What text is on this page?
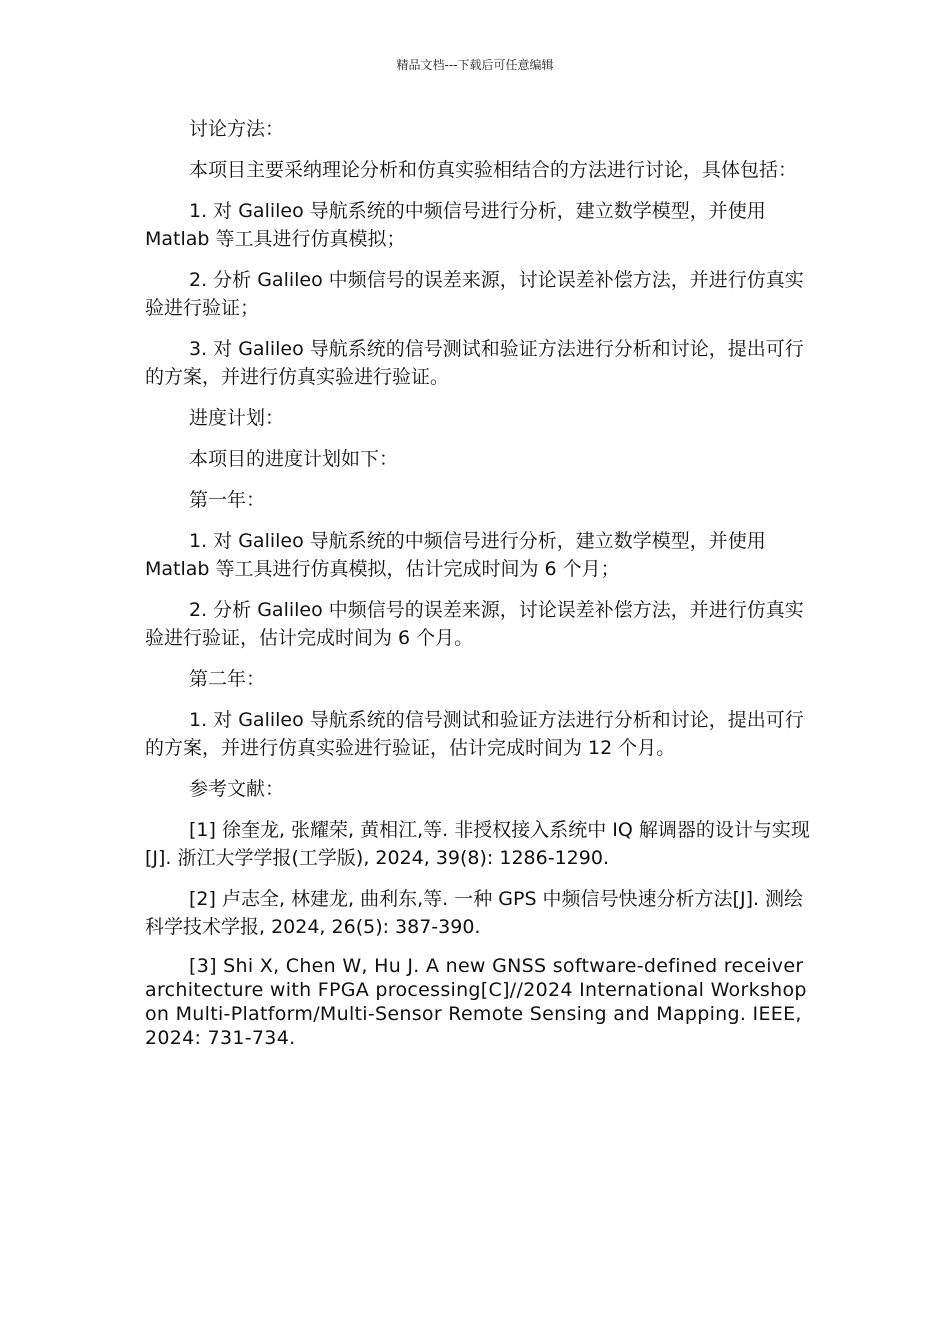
精品文档---下载后可任意编辑

讨论方法：

本项目主要采纳理论分析和仿真实验相结合的方法进行讨论，具体包括：

1. 对 Galileo 导航系统的中频信号进行分析，建立数学模型，并使用 Matlab 等工具进行仿真模拟；

2. 分析 Galileo 中频信号的误差来源，讨论误差补偿方法，并进行仿真实验进行验证；

3. 对 Galileo 导航系统的信号测试和验证方法进行分析和讨论，提出可行的方案，并进行仿真实验进行验证。

进度计划：

本项目的进度计划如下：

第一年：

1. 对 Galileo 导航系统的中频信号进行分析，建立数学模型，并使用 Matlab 等工具进行仿真模拟，估计完成时间为 6 个月；

2. 分析 Galileo 中频信号的误差来源，讨论误差补偿方法，并进行仿真实验进行验证，估计完成时间为 6 个月。

第二年：

1. 对 Galileo 导航系统的信号测试和验证方法进行分析和讨论，提出可行的方案，并进行仿真实验进行验证，估计完成时间为 12 个月。

参考文献：

[1] 徐奎龙, 张耀荣, 黄相江,等. 非授权接入系统中 IQ 解调器的设计与实现[J]. 浙江大学学报(工学版), 2024, 39(8): 1286-1290.

[2] 卢志全, 林建龙, 曲利东,等. 一种 GPS 中频信号快速分析方法[J]. 测绘科学技术学报, 2024, 26(5): 387-390.

[3] Shi X, Chen W, Hu J. A new GNSS software-defined receiver architecture with FPGA processing[C]//2024 International Workshop on Multi-Platform/Multi-Sensor Remote Sensing and Mapping. IEEE, 2024: 731-734.
